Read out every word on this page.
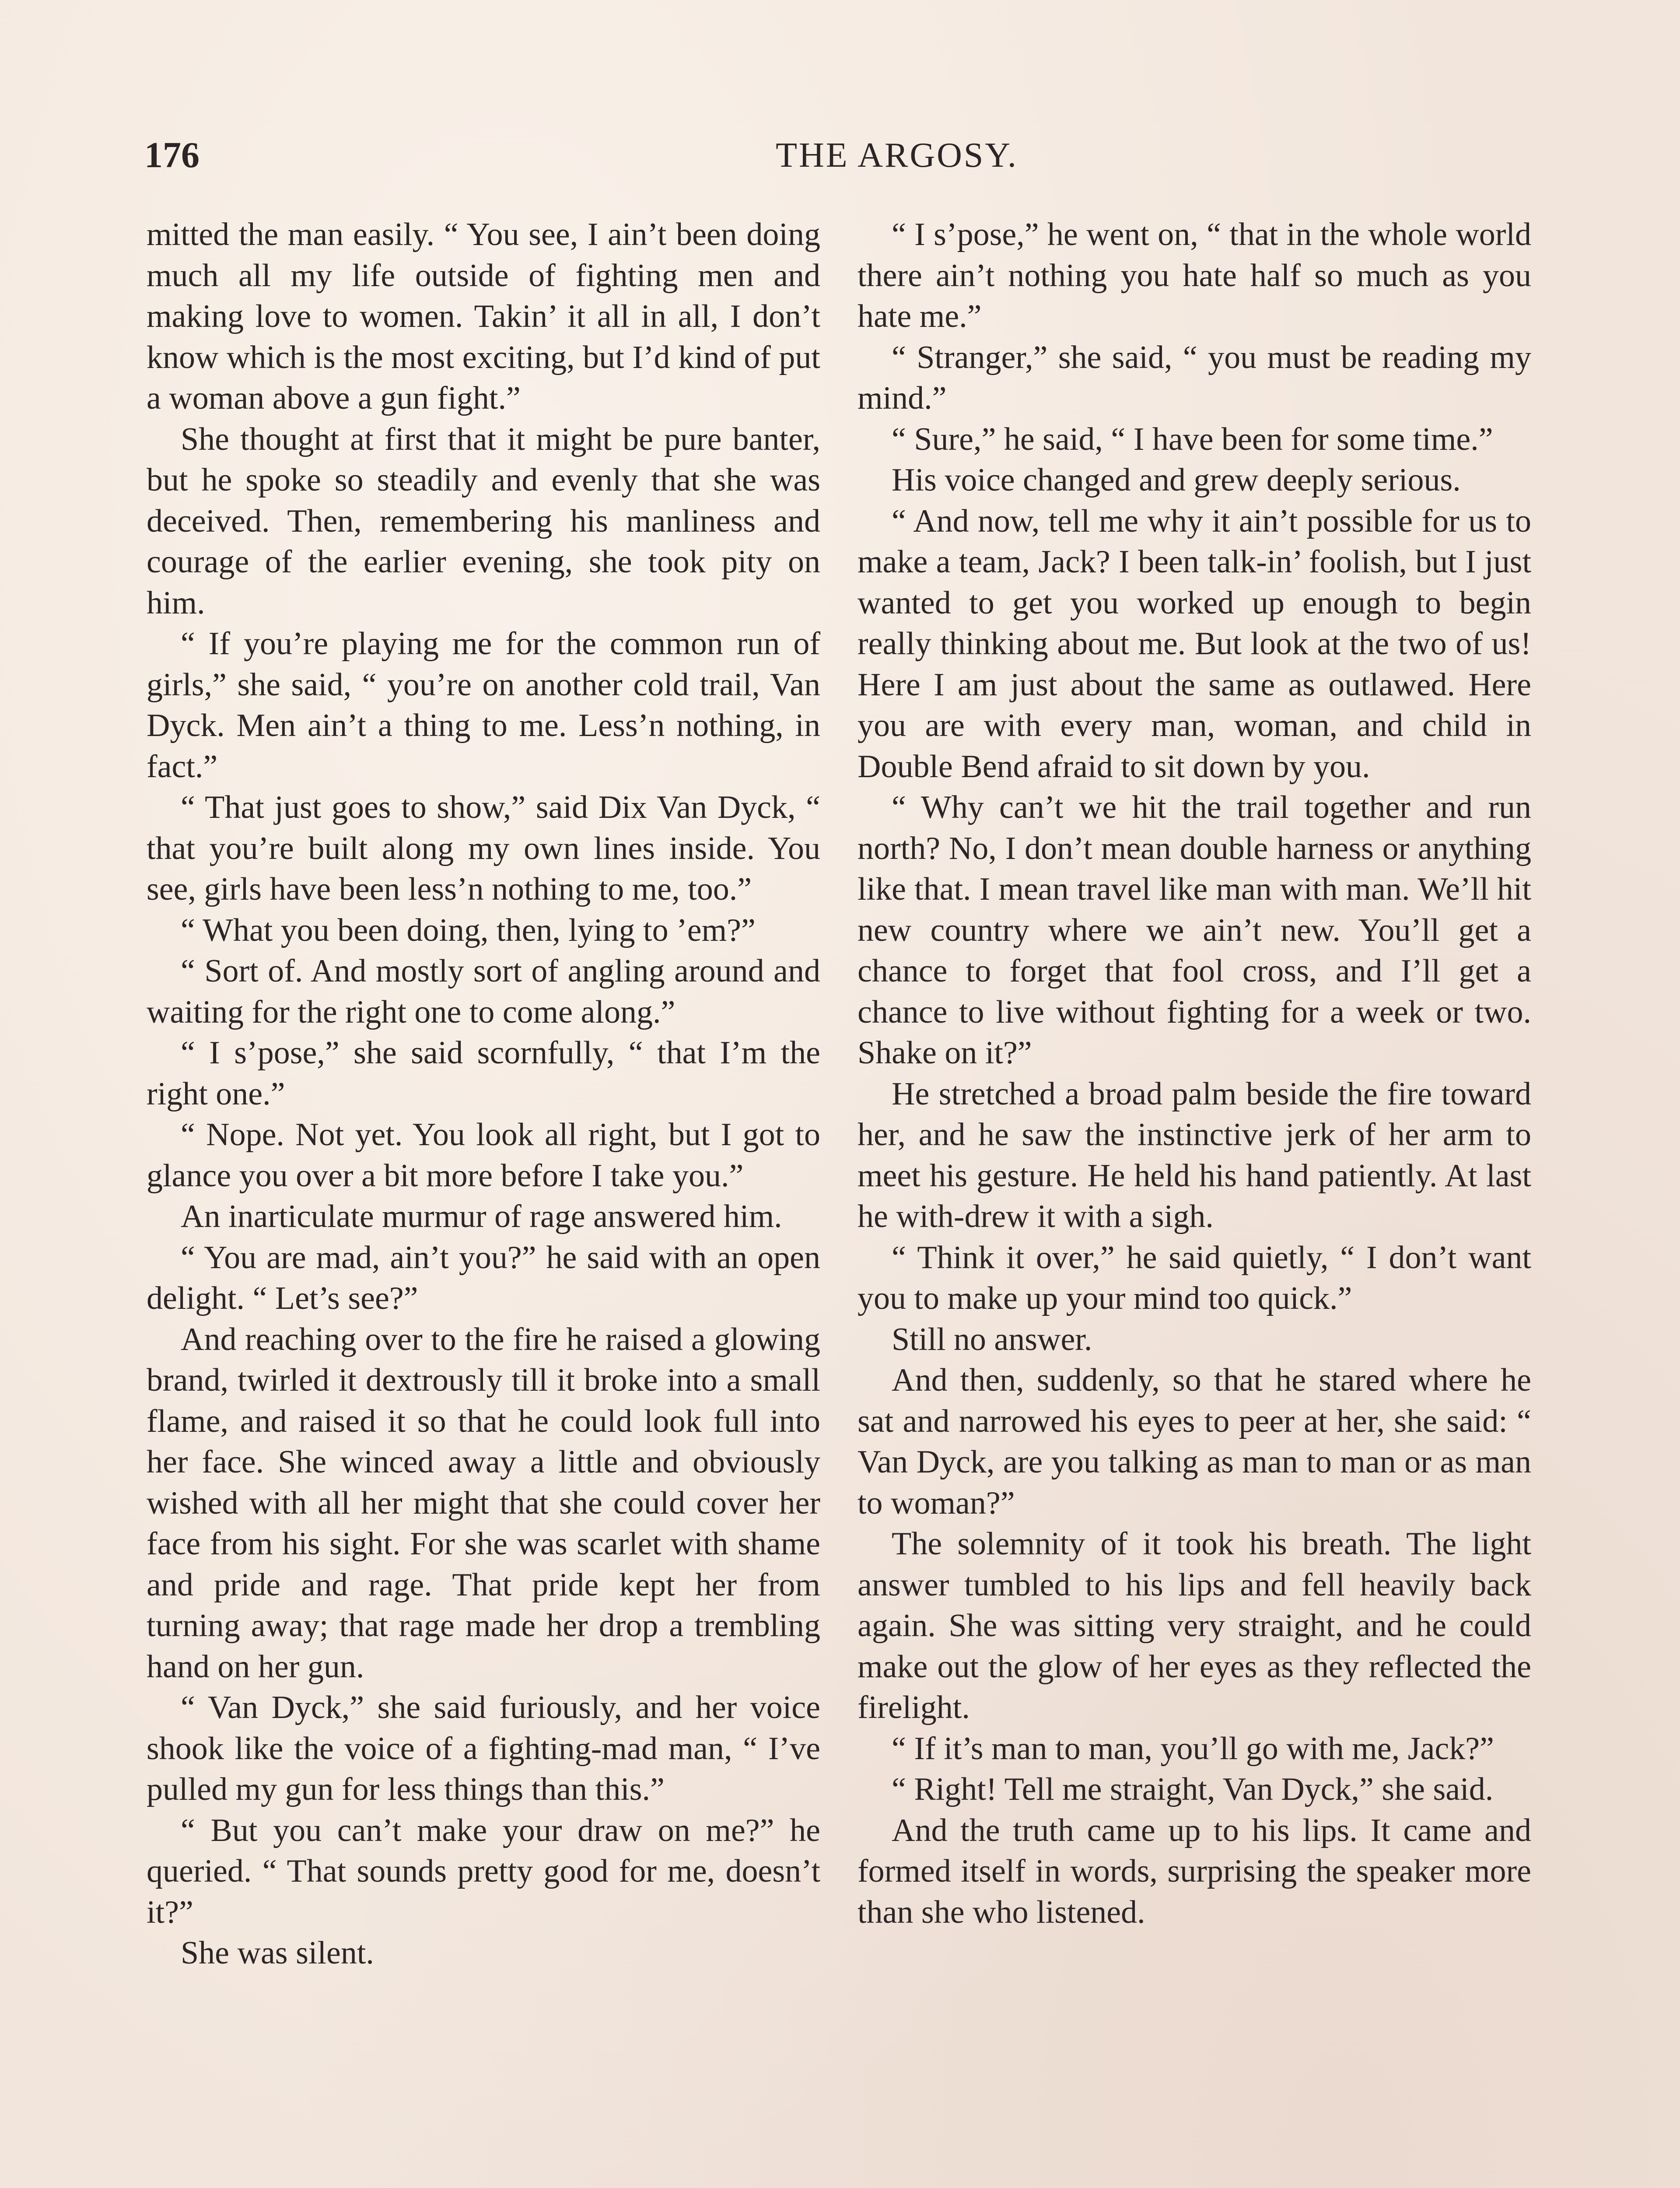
176	THE ARGOSY.

mitted the man easily. “ You see, I ain’t been doing much all my life outside of fighting men and making love to women. Takin’ it all in all, I don’t know which is the most exciting, but I’d kind of put a woman above a gun fight.”

She thought at first that it might be pure banter, but he spoke so steadily and evenly that she was deceived. Then, remembering his manliness and courage of the earlier evening, she took pity on him.

“ If you’re playing me for the common run of girls,” she said, “ you’re on another cold trail, Van Dyck. Men ain’t a thing to me. Less’n nothing, in fact.”

“ That just goes to show,” said Dix Van Dyck, “ that you’re built along my own lines inside. You see, girls have been less’n nothing to me, too.”

“ What you been doing, then, lying to ’em?”

“ Sort of. And mostly sort of angling around and waiting for the right one to come along.”

“ I s’pose,” she said scornfully, “ that I’m the right one.”

“ Nope. Not yet. You look all right, but I got to glance you over a bit more before I take you.”

An inarticulate murmur of rage answered him.

“ You are mad, ain’t you?” he said with an open delight. “ Let’s see?”

And reaching over to the fire he raised a glowing brand, twirled it dextrously till it broke into a small flame, and raised it so that he could look full into her face. She winced away a little and obviously wished with all her might that she could cover her face from his sight. For she was scarlet with shame and pride and rage. That pride kept her from turning away; that rage made her drop a trembling hand on her gun.

“ Van Dyck,” she said furiously, and her voice shook like the voice of a fighting-mad man, “ I’ve pulled my gun for less things than this.”

“ But you can’t make your draw on me?” he queried. “ That sounds pretty good for me, doesn’t it?”

She was silent.

“ I s’pose,” he went on, “ that in the whole world there ain’t nothing you hate half so much as you hate me.”

“ Stranger,” she said, “ you must be reading my mind.”

“ Sure,” he said, “ I have been for some time.”

His voice changed and grew deeply serious.

“ And now, tell me why it ain’t possible for us to make a team, Jack? I been talk-in’ foolish, but I just wanted to get you worked up enough to begin really thinking about me. But look at the two of us! Here I am just about the same as outlawed. Here you are with every man, woman, and child in Double Bend afraid to sit down by you.

“ Why can’t we hit the trail together and run north? No, I don’t mean double harness or anything like that. I mean travel like man with man. We’ll hit new country where we ain’t new. You’ll get a chance to forget that fool cross, and I’ll get a chance to live without fighting for a week or two. Shake on it?”

He stretched a broad palm beside the fire toward her, and he saw the instinctive jerk of her arm to meet his gesture. He held his hand patiently. At last he with-drew it with a sigh.

“ Think it over,” he said quietly, “ I don’t want you to make up your mind too quick.”

Still no answer.

And then, suddenly, so that he stared where he sat and narrowed his eyes to peer at her, she said: “ Van Dyck, are you talking as man to man or as man to woman?”

The solemnity of it took his breath. The light answer tumbled to his lips and fell heavily back again. She was sitting very straight, and he could make out the glow of her eyes as they reflected the firelight.

“ If it’s man to man, you’ll go with me, Jack?”

“ Right! Tell me straight, Van Dyck,” she said.

And the truth came up to his lips. It came and formed itself in words, surprising the speaker more than she who listened.
